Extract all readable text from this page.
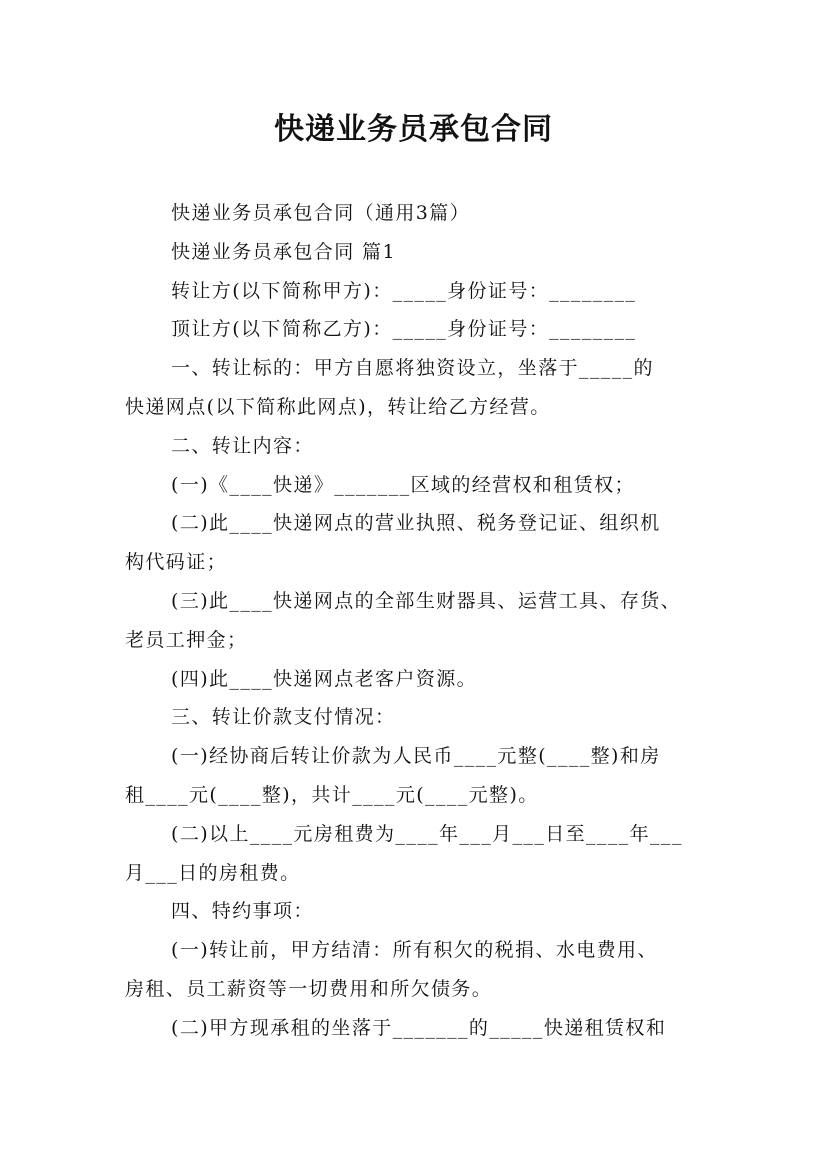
快递业务员承包合同
快递业务员承包合同（通用3篇）
快递业务员承包合同 篇1
转让方(以下简称甲方)：_____身份证号：________
顶让方(以下简称乙方)：_____身份证号：________
一、转让标的：甲方自愿将独资设立，坐落于_____的
快递网点(以下简称此网点)，转让给乙方经营。
二、转让内容：
(一)《____快递》_______区域的经营权和租赁权；
(二)此____快递网点的营业执照、税务登记证、组织机
构代码证；
(三)此____快递网点的全部生财器具、运营工具、存货、
老员工押金；
(四)此____快递网点老客户资源。
三、转让价款支付情况：
(一)经协商后转让价款为人民币____元整(____整)和房
租____元(____整)，共计____元(____元整)。
(二)以上____元房租费为____年___月___日至____年___
月___日的房租费。
四、特约事项：
(一)转让前，甲方结清：所有积欠的税捐、水电费用、
房租、员工薪资等一切费用和所欠债务。
(二)甲方现承租的坐落于_______的_____快递租赁权和
